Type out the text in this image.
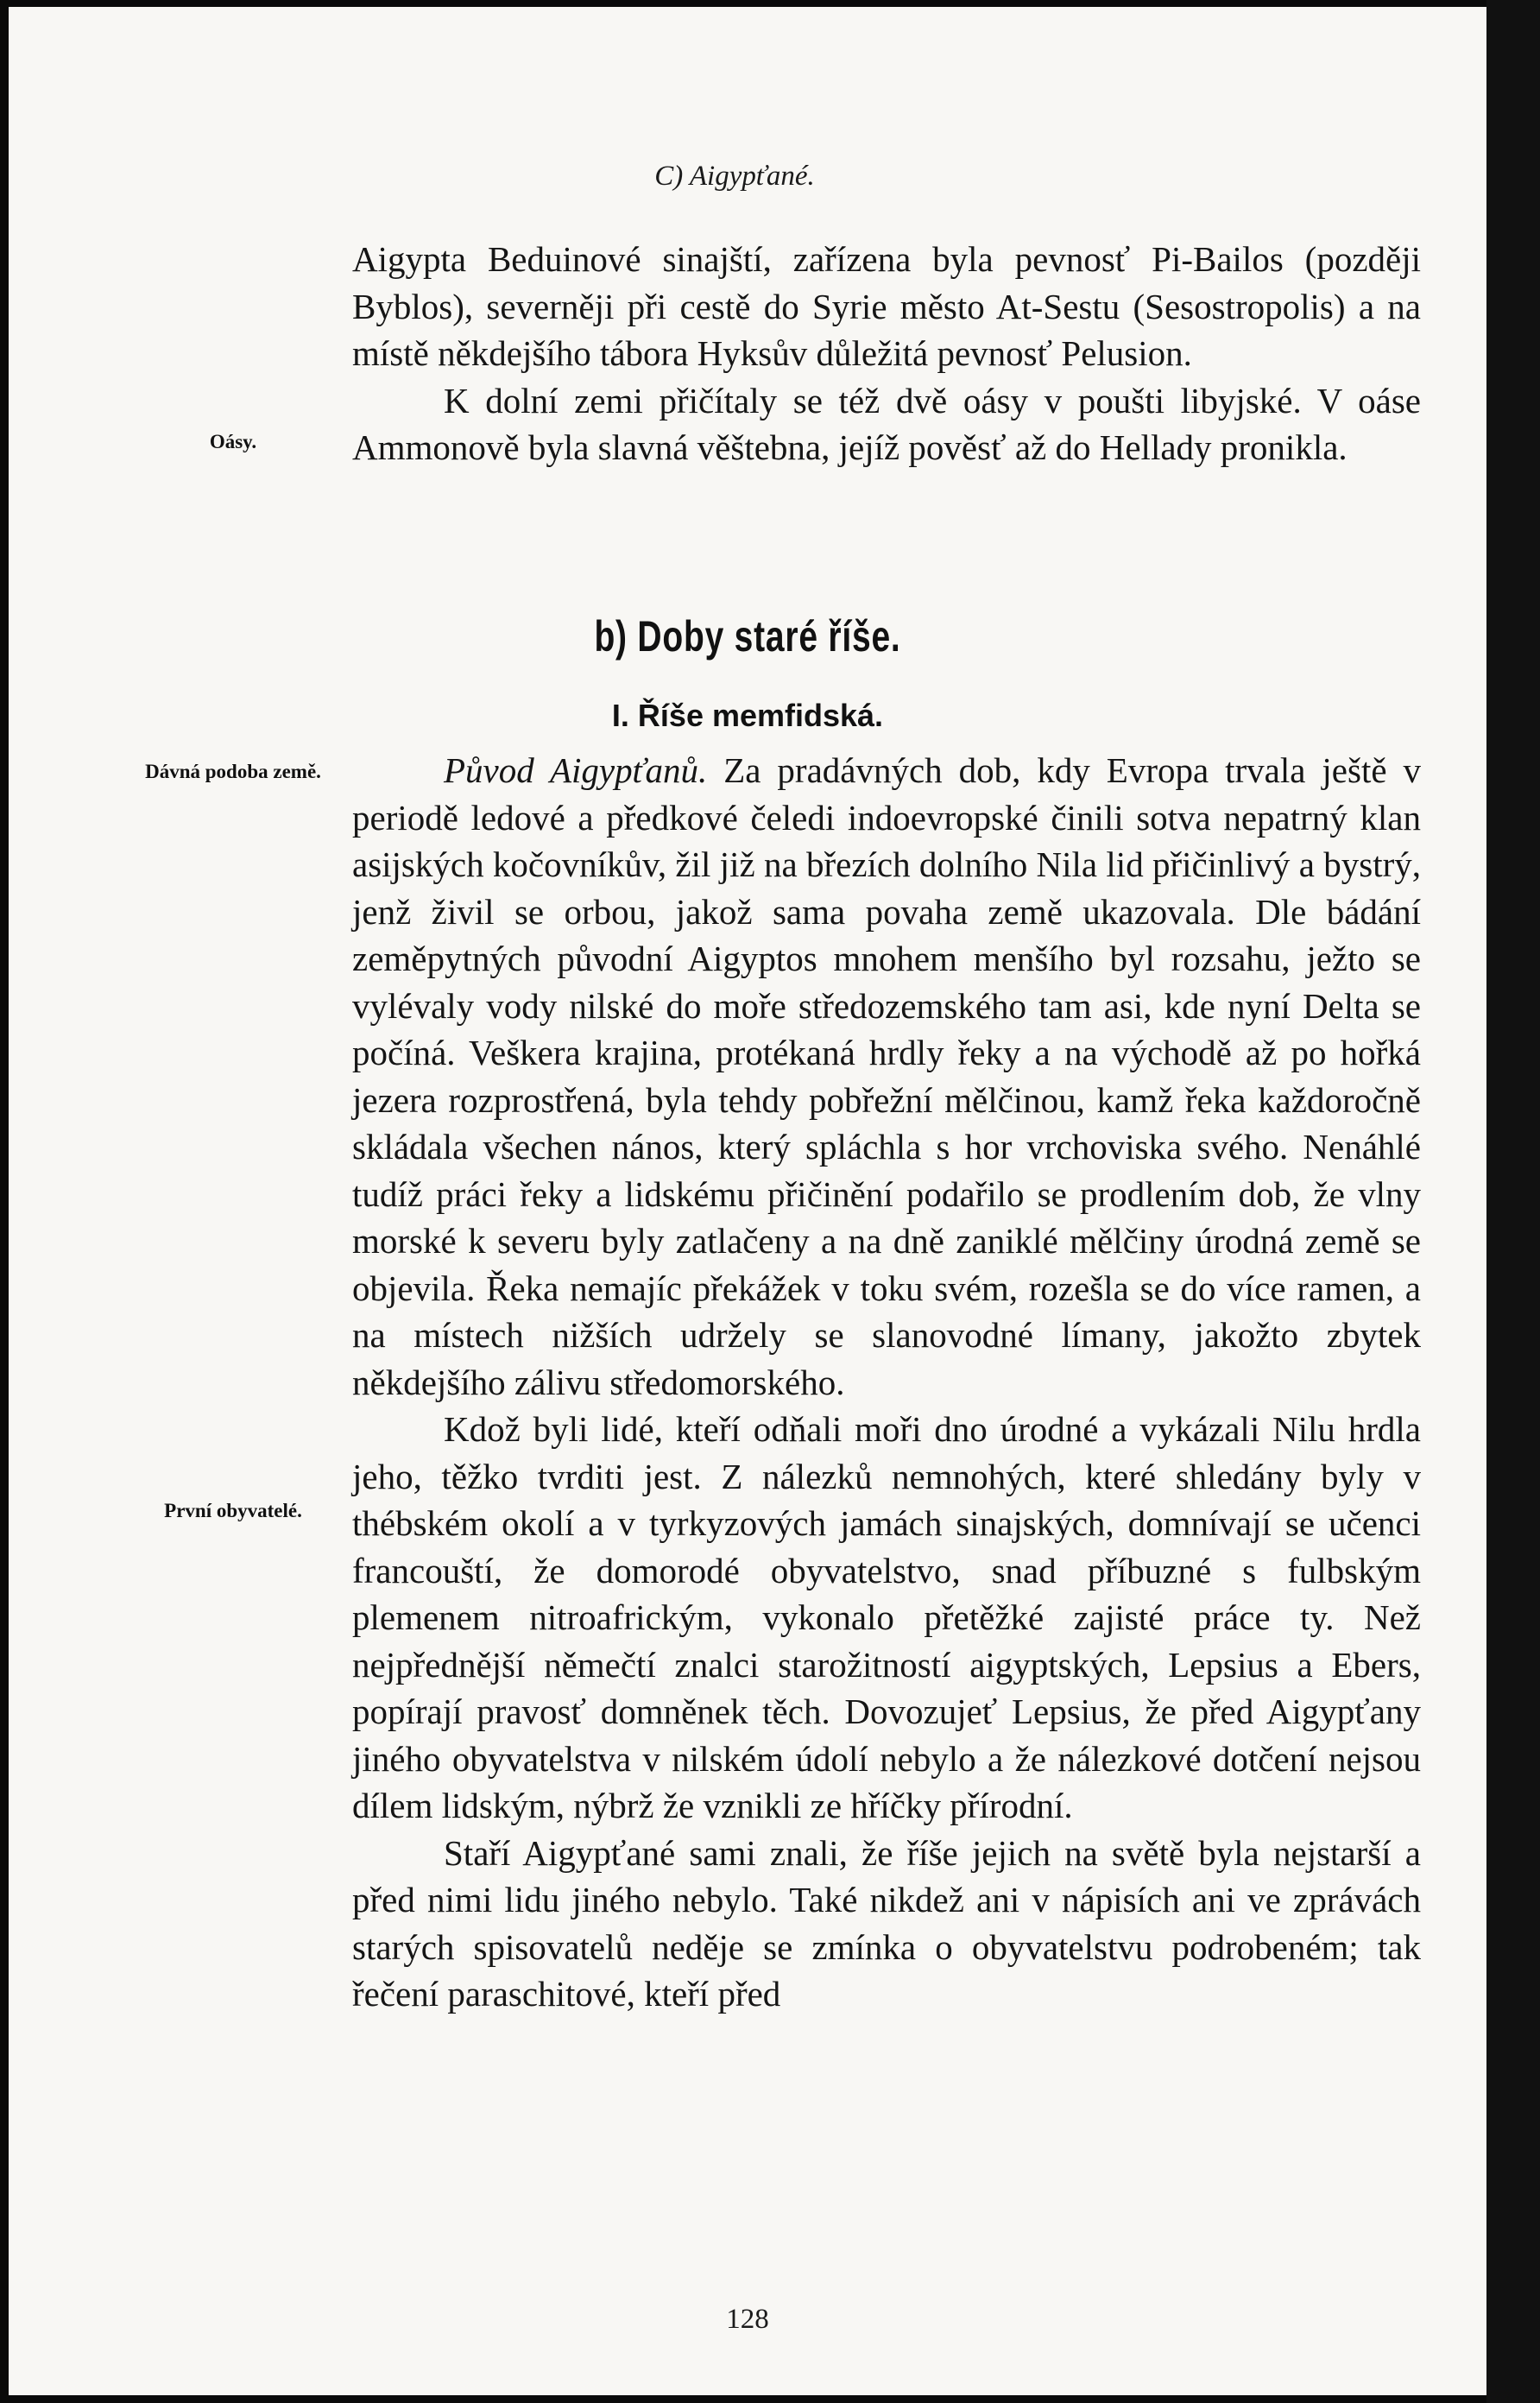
C) Aigypťané.

Aigypta Beduinové sinajští, zařízena byla pevnosť Pi-Bailos (později Byblos), severněji při cestě do Syrie město At-Sestu (Sesostropolis) a na místě někdejšího tábora Hyksův důležitá pevnosť Pelusion.

K dolní zemi přičítaly se též dvě oásy v poušti libyjské. V oáse Ammonově byla slavná věštebna, jejíž pověsť až do Hellady pronikla.

Oásy.
b) Doby staré říše.
I. Říše memfidská.
Dávná podoba země.
První obyvatelé.

Původ Aigypťanů. Za pradávných dob, kdy Evropa trvala ještě v periodě ledové a předkové čeledi indoevropské činili sotva nepatrný klan asijských kočovníkův, žil již na březích dolního Nila lid přičinlivý a bystrý, jenž živil se orbou, jakož sama povaha země ukazovala. Dle bádání zeměpytných původní Aigyptos mnohem menšího byl rozsahu, ježto se vylévaly vody nilské do moře středozemského tam asi, kde nyní Delta se počíná. Veškera krajina, protékaná hrdly řeky a na východě až po hořká jezera rozprostřená, byla tehdy pobřežní mělčinou, kamž řeka každoročně skládala všechen nános, který spláchla s hor vrchoviska svého. Nenáhlé tudíž práci řeky a lidskému přičinění podařilo se prodlením dob, že vlny morské k severu byly zatlačeny a na dně zaniklé mělčiny úrodná země se objevila. Řeka nemajíc překážek v toku svém, rozešla se do více ramen, a na místech nižších udržely se slanovodné límany, jakožto zbytek někdejšího zálivu středomorského.

Kdož byli lidé, kteří odňali moři dno úrodné a vykázali Nilu hrdla jeho, těžko tvrditi jest. Z nálezků nemnohých, které shledány byly v thébském okolí a v tyrkyzových jamách sinajských, domnívají se učenci francouští, že domorodé obyvatelstvo, snad příbuzné s fulbským plemenem nitroafrickým, vykonalo přetěžké zajisté práce ty. Než nejpřednější němečtí znalci starožitností aigyptských, Lepsius a Ebers, popírají pravosť domněnek těch. Dovozujeť Lepsius, že před Aigypťany jiného obyvatelstva v nilském údolí nebylo a že nálezkové dotčení nejsou dílem lidským, nýbrž že vznikli ze hříčky přírodní.

Staří Aigypťané sami znali, že říše jejich na světě byla nejstarší a před nimi lidu jiného nebylo. Také nikdež ani v nápisích ani ve zprávách starých spisovatelů neděje se zmínka o obyvatelstvu podrobeném; tak řečení paraschitové, kteří před

128
